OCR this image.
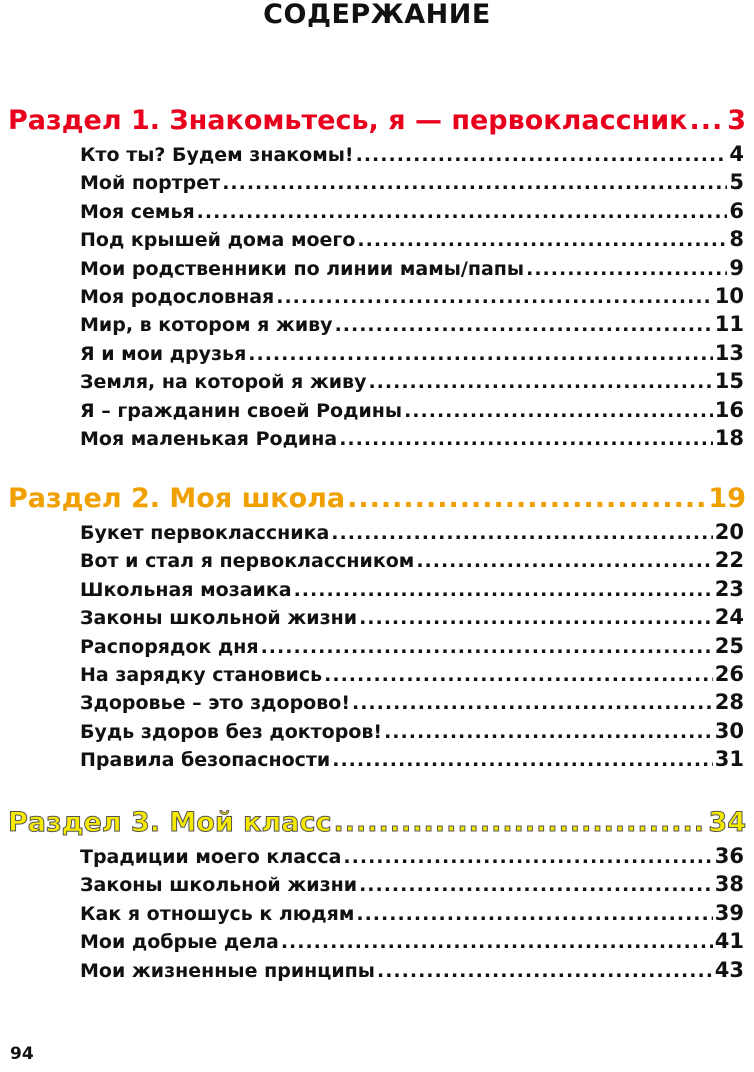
СОДЕРЖАНИЕ
Раздел 1. Знакомьтесь, я — первоклассник ..... 3
Кто ты? Будем знакомы! .....	4
Мой портрет .....	5
Моя семья .....	6
Под крышей дома моего .....	8
Мои родственники по линии мамы/папы .....	9
Моя родословная .....	10
Мир, в котором я живу .....	11
Я и мои друзья .....	13
Земля, на которой я живу .....	15
Я – гражданин своей Родины .....	16
Моя маленькая Родина .....	18
Раздел 2. Моя школа .....	19
Букет первоклассника .....	20
Вот и стал я первоклассником .....	22
Школьная мозаика .....	23
Законы школьной жизни .....	24
Распорядок дня .....	25
На зарядку становись .....	26
Здоровье – это здорово! .....	28
Будь здоров без докторов! .....	30
Правила безопасности .....	31
Раздел 3. Мой класс .....	34
Традиции моего класса .....	36
Законы школьной жизни .....	38
Как я отношусь к людям .....	39
Мои добрые дела .....	41
Мои жизненные принципы .....	43
94
